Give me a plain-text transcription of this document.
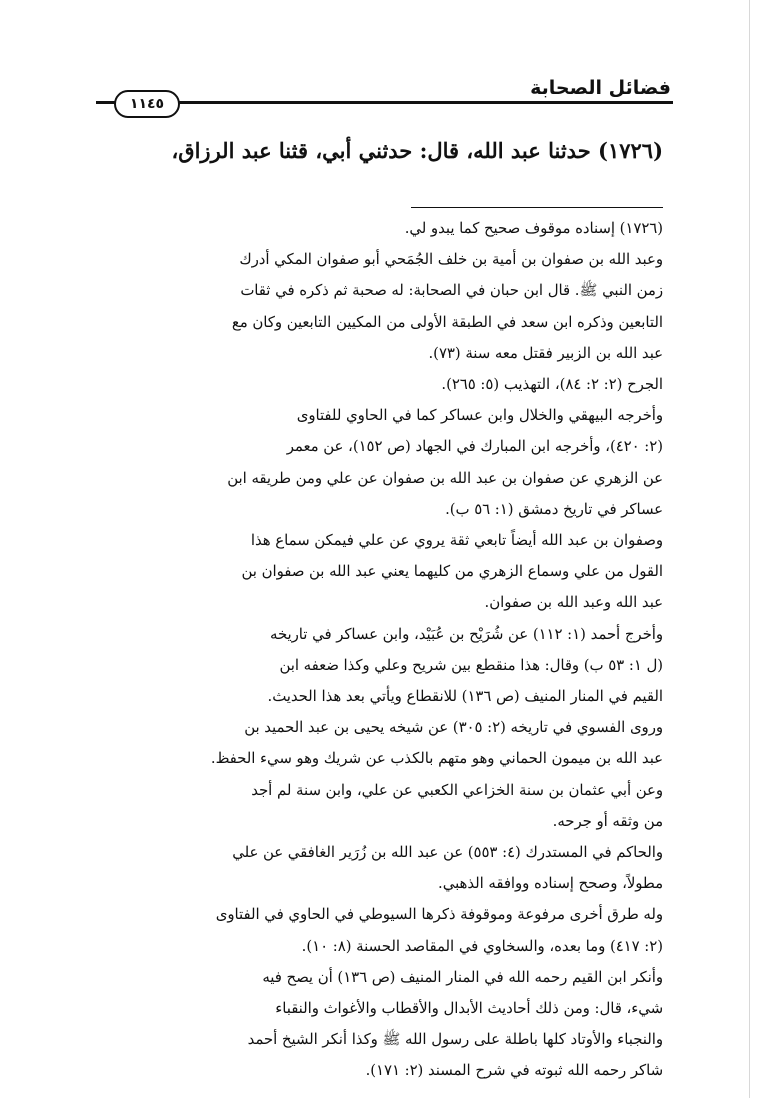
فضائل الصحابة
١١٤٥
(١٧٢٦) حدثنا عبد الله، قال: حدثني أبي، قثنا عبد الرزاق،
(١٧٢٦) إسناده موقوف صحيح كما يبدو لي.
وعبد الله بن صفوان بن أمية بن خلف الجُمَحي أبو صفوان المكي أدرك
زمن النبي ﷺ. قال ابن حبان في الصحابة: له صحبة ثم ذكره في ثقات
التابعين وذكره ابن سعد في الطبقة الأولى من المكيين التابعين وكان مع
عبد الله بن الزبير فقتل معه سنة (٧٣).
الجرح (٢: ٢: ٨٤)، التهذيب (٥: ٢٦٥).
وأخرجه البيهقي والخلال وابن عساكر كما في الحاوي للفتاوى
(٢: ٤٢٠)، وأخرجه ابن المبارك في الجهاد (ص ١٥٢)، عن معمر
عن الزهري عن صفوان بن عبد الله بن صفوان عن علي ومن طريقه ابن
عساكر في تاريخ دمشق (١: ٥٦ ب).
وصفوان بن عبد الله أيضاً تابعي ثقة يروي عن علي فيمكن سماع هذا
القول من علي وسماع الزهري من كليهما يعني عبد الله بن صفوان بن
عبد الله وعبد الله بن صفوان.
وأخرج أحمد (١: ١١٢) عن شُرَيْح بن عُبَيْد، وابن عساكر في تاريخه
(ل ١: ٥٣ ب) وقال: هذا منقطع بين شريح وعلي وكذا ضعفه ابن
القيم في المنار المنيف (ص ١٣٦) للانقطاع ويأتي بعد هذا الحديث.
وروى الفسوي في تاريخه (٢: ٣٠٥) عن شيخه يحيى بن عبد الحميد بن
عبد الله بن ميمون الحماني وهو متهم بالكذب عن شريك وهو سيء الحفظ.
وعن أبي عثمان بن سنة الخزاعي الكعبي عن علي، وابن سنة لم أجد
من وثقه أو جرحه.
والحاكم في المستدرك (٤: ٥٥٣) عن عبد الله بن زُرَير الغافقي عن علي
مطولاً، وصحح إسناده ووافقه الذهبي.
وله طرق أخرى مرفوعة وموقوفة ذكرها السيوطي في الحاوي في الفتاوى
(٢: ٤١٧) وما بعده، والسخاوي في المقاصد الحسنة (٨: ١٠).
وأنكر ابن القيم رحمه الله في المنار المنيف (ص ١٣٦) أن يصح فيه
شيء، قال: ومن ذلك أحاديث الأبدال والأقطاب والأغواث والنقباء
والنجباء والأوتاد كلها باطلة على رسول الله ﷺ وكذا أنكر الشيخ أحمد
شاكر رحمه الله ثبوته في شرح المسند (٢: ١٧١).
